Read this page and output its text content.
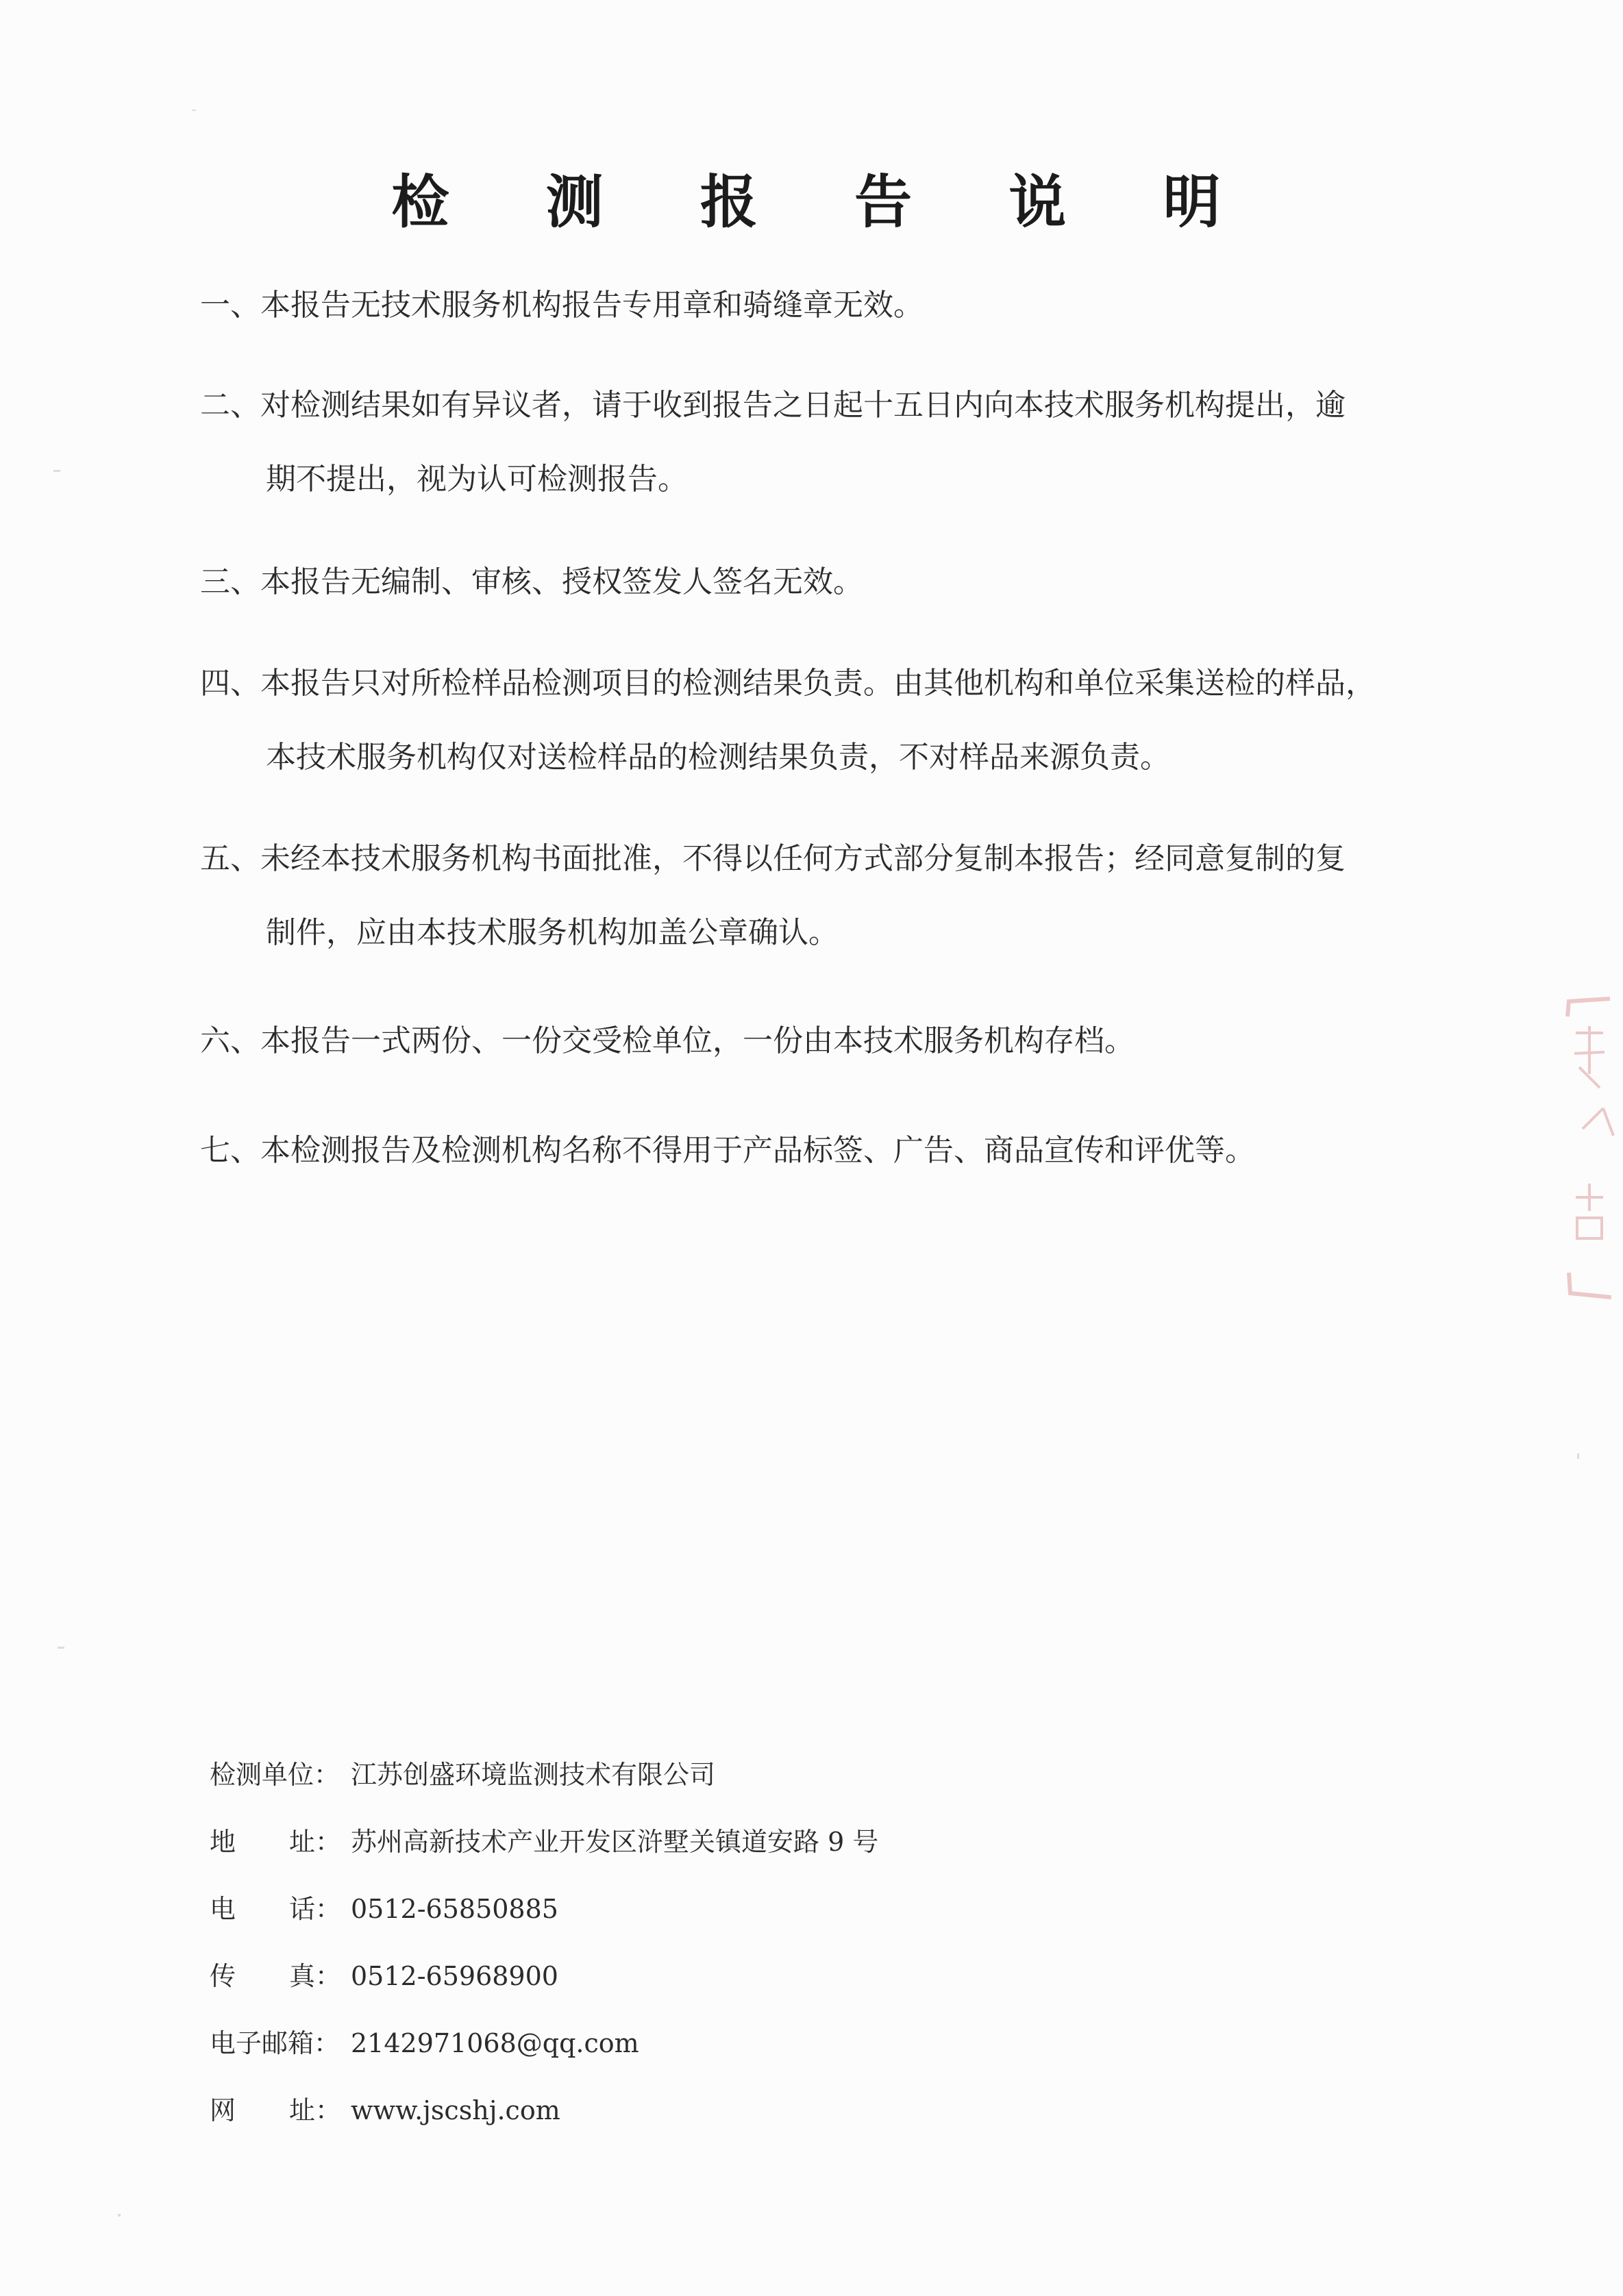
检 测 报 告 说 明
一、本报告无技术服务机构报告专用章和骑缝章无效。
二、对检测结果如有异议者，请于收到报告之日起十五日内向本技术服务机构提出，逾
期不提出，视为认可检测报告。
三、本报告无编制、审核、授权签发人签名无效。
四、本报告只对所检样品检测项目的检测结果负责。由其他机构和单位采集送检的样品，
本技术服务机构仅对送检样品的检测结果负责，不对样品来源负责。
五、未经本技术服务机构书面批准，不得以任何方式部分复制本报告；经同意复制的复
制件，应由本技术服务机构加盖公章确认。
六、本报告一式两份、一份交受检单位，一份由本技术服务机构存档。
七、本检测报告及检测机构名称不得用于产品标签、广告、商品宣传和评优等。
检测单位： 江苏创盛环境监测技术有限公司
地 址： 苏州高新技术产业开发区浒墅关镇道安路 9 号
电 话： 0512-65850885
传 真： 0512-65968900
电子邮箱： 2142971068@qq.com
网 址： www.jscshj.com
